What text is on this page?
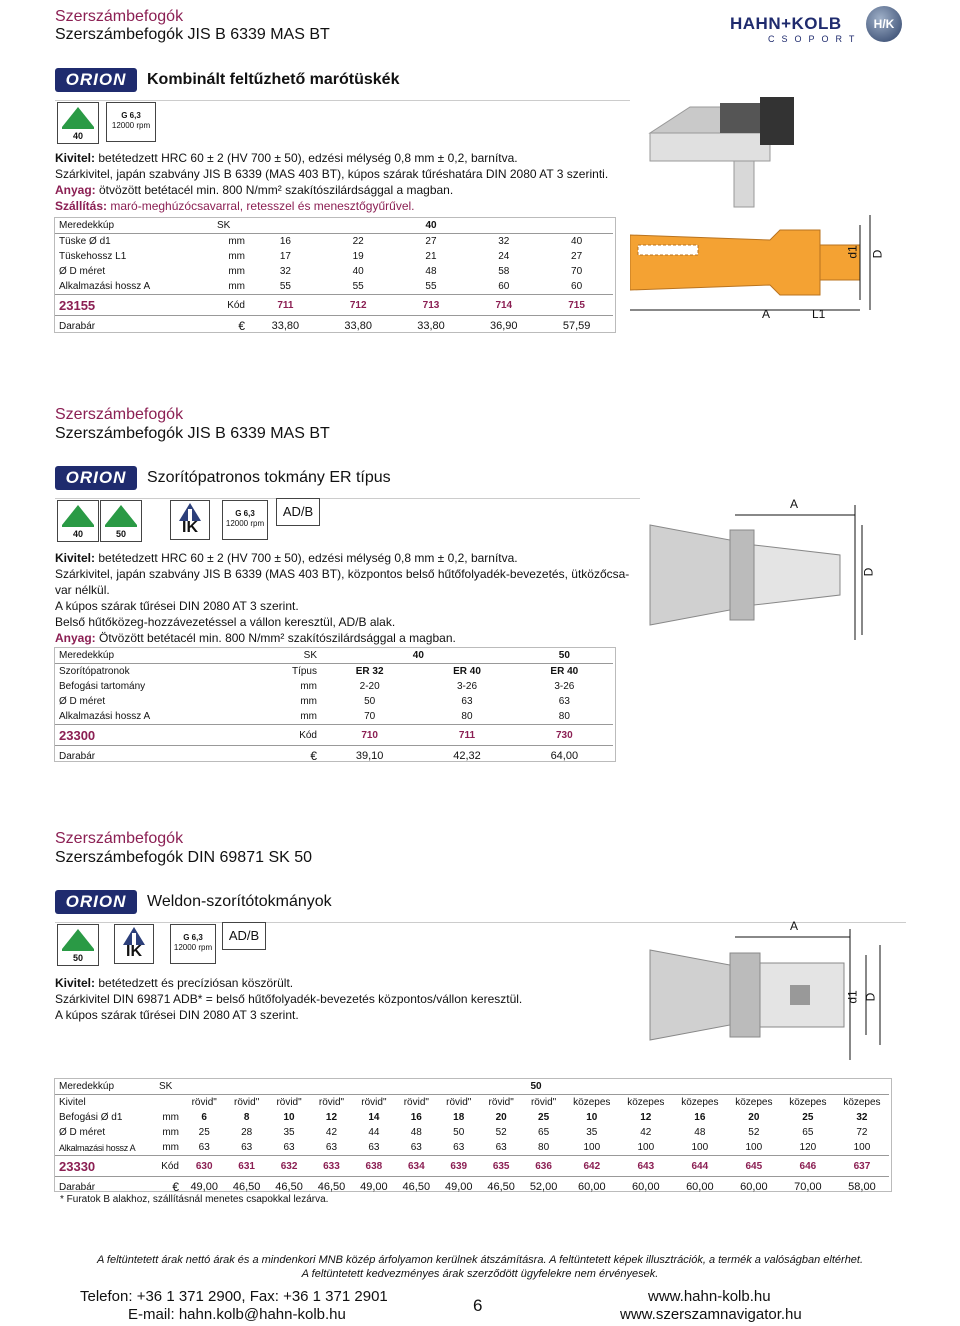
Szerszámbefogók
Szerszámbefogók JIS B 6339 MAS BT
HAHN+KOLB
CSOPORT
H/K
ORION	Kombinált feltűzhető marótüskék
40
G 6,3
12000 rpm
Kivitel: betétedzett HRC 60 ± 2 (HV 700 ± 50), edzési mélység 0,8 mm ± 0,2, barnítva.
Szárkivitel, japán szabvány JIS B 6339 (MAS 403 BT), kúpos szárak tűréshatára DIN 2080 AT 3 szerinti.
Anyag: ötvözött betétacél min. 800 N/mm² szakítószilárdsággal a magban.
Szállítás: maró-meghúzócsavarral, retesszel és menesztőgyűrűvel.
Meredekkúp	SK	40				
Tüske Ø d1	mm	16	22	27	32	40
Tüskehossz L1	mm	17	19	21	24	27
Ø D méret	mm	32	40	48	58	70
Alkalmazási hossz A	mm	55	55	55	60	60
23155	Kód	711	712	713	714	715
Darabár	€	33,80	33,80	33,80	36,90	57,59
A	L1
d1 D
Szerszámbefogók
Szerszámbefogók JIS B 6339 MAS BT
ORION	Szorítópatronos tokmány ER típus
40	50	IK
G 6,3
12000 rpm
AD/B
Kivitel: betétedzett HRC 60 ± 2 (HV 700 ± 50), edzési mélység 0,8 mm ± 0,2, barnítva.
Szárkivitel, japán szabvány JIS B 6339 (MAS 403 BT), központos belső hűtőfolyadék-bevezetés, ütközőcsa-
var nélkül.
A kúpos szárak tűrései DIN 2080 AT 3 szerint.
Belső hűtőközeg-hozzávezetéssel a vállon keresztül, AD/B alak.
Anyag: Ötvözött betétacél min. 800 N/mm² szakítószilárdsággal a magban.
Meredekkúp	SK	40		50
Szorítópatronok	Típus	ER 32	ER 40	ER 40
Befogási tartomány	mm	2-20	3-26	3-26
Ø D méret	mm	50	63	63
Alkalmazási hossz A	mm	70	80	80
23300	Kód	710	711	730
Darabár	€	39,10	42,32	64,00
A
D
Szerszámbefogók
Szerszámbefogók DIN 69871 SK 50
ORION	Weldon-szorítótokmányok
50	IK
G 6,3
12000 rpm
AD/B
Kivitel: betétedzett és precíziósan köszörült.
Szárkivitel DIN 69871 ADB* = belső hűtőfolyadék-bevezetés központos/vállon keresztül.
A kúpos szárak tűrései DIN 2080 AT 3 szerint.
A
d1 D
Meredekkúp	SK	50														
Kivitel		rövid"	rövid"	rövid"	rövid"	rövid"	rövid"	rövid"	rövid"	rövid"	közepes	közepes	közepes	közepes	közepes	közepes
Befogási Ø d1	mm	6	8	10	12	14	16	18	20	25	10	12	16	20	25	32
Ø D méret	mm	25	28	35	42	44	48	50	52	65	35	42	48	52	65	72
Alkalmazási hossz A	mm	63	63	63	63	63	63	63	63	80	100	100	100	100	120	100
23330	Kód	630	631	632	633	638	634	639	635	636	642	643	644	645	646	637
Darabár	€	49,00	46,50	46,50	46,50	49,00	46,50	49,00	46,50	52,00	60,00	60,00	60,00	60,00	70,00	58,00
* Furatok B alakhoz, szállításnál menetes csapokkal lezárva.
A feltüntetett árak nettó árak és a mindenkori MNB közép árfolyamon kerülnek átszámításra. A feltüntetett képek illusztrációk, a termék a valóságban eltérhet.
A feltüntetett kedvezményes árak szerződött ügyfelekre nem érvényesek.
Telefon: +36 1 371 2900, Fax: +36 1 371 2901
E-mail: hahn.kolb@hahn-kolb.hu	6	www.hahn-kolb.hu
www.szerszamnavigator.hu
